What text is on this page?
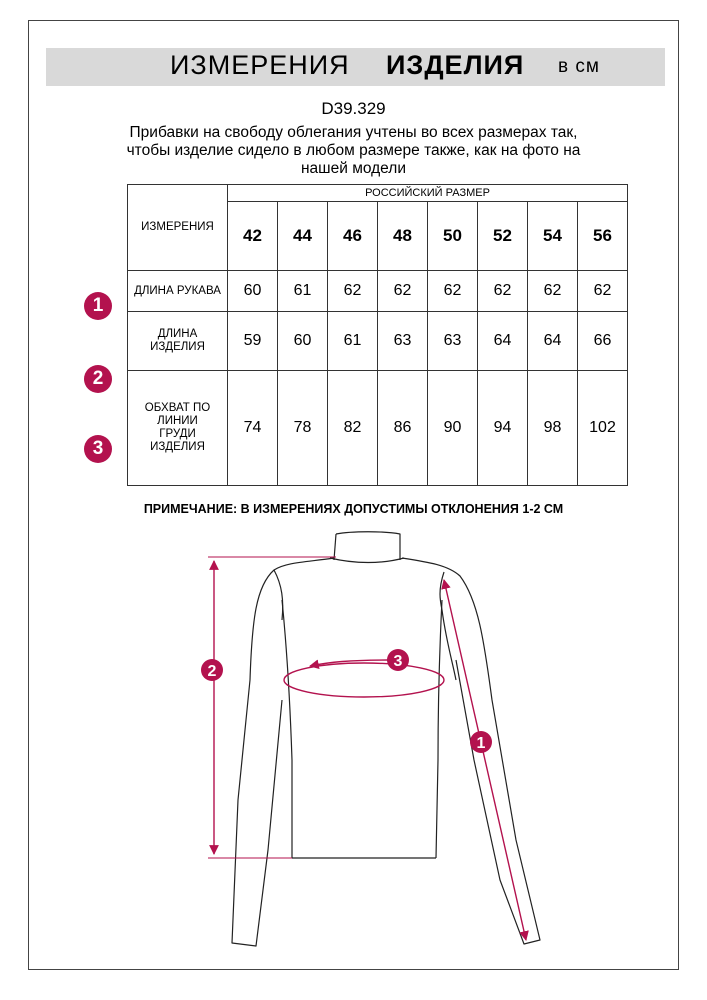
ИЗМЕРЕНИЯ ИЗДЕЛИЯ в см
D39.329
Прибавки на свободу облегания учтены во всех размерах так, чтобы изделие сидело в любом размере также, как на фото на нашей модели
ИЗМЕРЕНИЯ	РОССИЙСКИЙ РАЗМЕР							
	42	44	46	48	50	52	54	56
ДЛИНА РУКАВА	60	61	62	62	62	62	62	62
ДЛИНА ИЗДЕЛИЯ	59	60	61	63	63	64	64	66
ОБХВАТ ПО ЛИНИИ ГРУДИ ИЗДЕЛИЯ	74	78	82	86	90	94	98	102
1
2
3
ПРИМЕЧАНИЕ: В ИЗМЕРЕНИЯХ ДОПУСТИМЫ ОТКЛОНЕНИЯ 1-2 СМ
2
3
1
